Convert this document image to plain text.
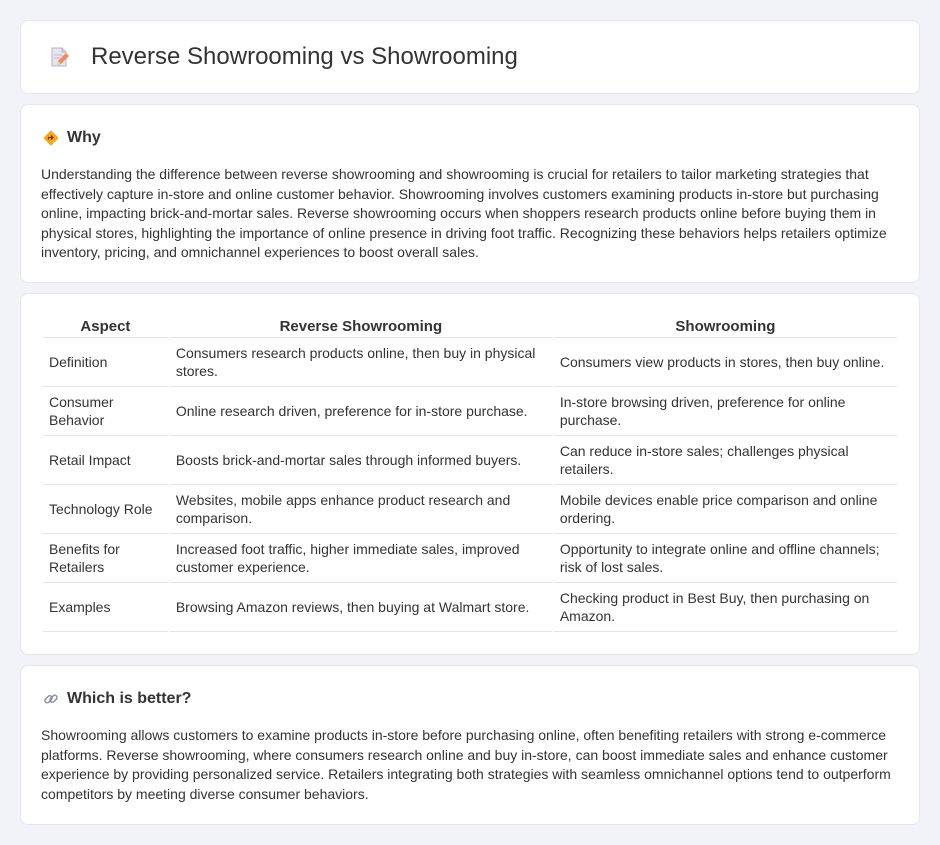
Reverse Showrooming vs Showrooming
Why

Understanding the difference between reverse showrooming and showrooming is crucial for retailers to tailor marketing strategies that effectively capture in-store and online customer behavior. Showrooming involves customers examining products in-store but purchasing online, impacting brick-and-mortar sales. Reverse showrooming occurs when shoppers research products online before buying them in physical stores, highlighting the importance of online presence in driving foot traffic. Recognizing these behaviors helps retailers optimize inventory, pricing, and omnichannel experiences to boost overall sales.

Aspect	Reverse Showrooming	Showrooming
Definition	Consumers research products online, then buy in physical stores.	Consumers view products in stores, then buy online.
Consumer Behavior	Online research driven, preference for in-store purchase.	In-store browsing driven, preference for online purchase.
Retail Impact	Boosts brick-and-mortar sales through informed buyers.	Can reduce in-store sales; challenges physical retailers.
Technology Role	Websites, mobile apps enhance product research and comparison.	Mobile devices enable price comparison and online ordering.
Benefits for Retailers	Increased foot traffic, higher immediate sales, improved customer experience.	Opportunity to integrate online and offline channels; risk of lost sales.
Examples	Browsing Amazon reviews, then buying at Walmart store.	Checking product in Best Buy, then purchasing on Amazon.
Which is better?

Showrooming allows customers to examine products in-store before purchasing online, often benefiting retailers with strong e-commerce platforms. Reverse showrooming, where consumers research online and buy in-store, can boost immediate sales and enhance customer experience by providing personalized service. Retailers integrating both strategies with seamless omnichannel options tend to outperform competitors by meeting diverse consumer behaviors.
